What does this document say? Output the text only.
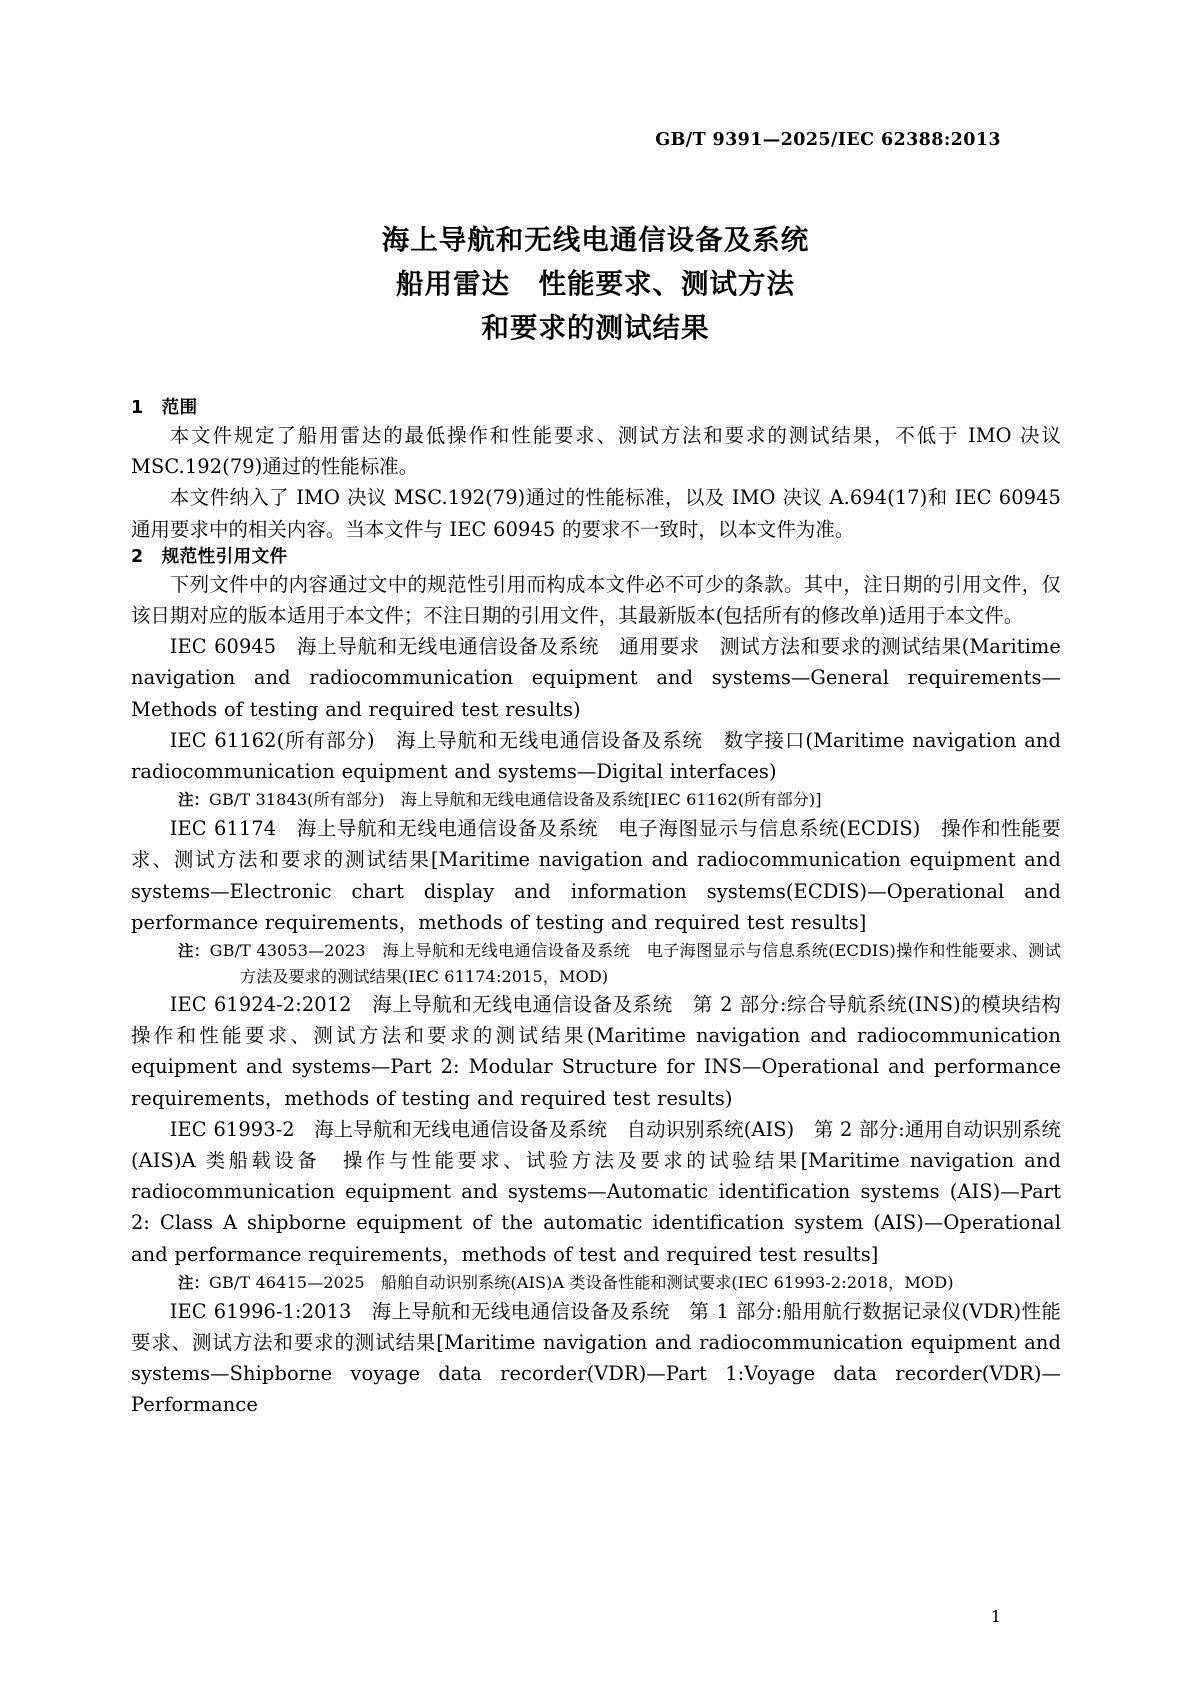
GB/T 9391—2025/IEC 62388:2013
海上导航和无线电通信设备及系统
船用雷达　性能要求、测试方法
和要求的测试结果
1　范围

本文件规定了船用雷达的最低操作和性能要求、测试方法和要求的测试结果，不低于 IMO 决议 MSC.192(79)通过的性能标准。

本文件纳入了 IMO 决议 MSC.192(79)通过的性能标准，以及 IMO 决议 A.694(17)和 IEC 60945 通用要求中的相关内容。当本文件与 IEC 60945 的要求不一致时，以本文件为准。

2　规范性引用文件

下列文件中的内容通过文中的规范性引用而构成本文件必不可少的条款。其中，注日期的引用文件，仅该日期对应的版本适用于本文件；不注日期的引用文件，其最新版本(包括所有的修改单)适用于本文件。

IEC 60945　海上导航和无线电通信设备及系统　通用要求　测试方法和要求的测试结果(Maritime navigation and radiocommunication equipment and systems—General requirements—Methods of testing and required test results)

IEC 61162(所有部分)　海上导航和无线电通信设备及系统　数字接口(Maritime navigation and radiocommunication equipment and systems—Digital interfaces)

注：GB/T 31843(所有部分)　海上导航和无线电通信设备及系统[IEC 61162(所有部分)]

IEC 61174　海上导航和无线电通信设备及系统　电子海图显示与信息系统(ECDIS)　操作和性能要求、测试方法和要求的测试结果[Maritime navigation and radiocommunication equipment and systems—Electronic chart display and information systems(ECDIS)—Operational and performance requirements，methods of testing and required test results]

注：GB/T 43053—2023　海上导航和无线电通信设备及系统　电子海图显示与信息系统(ECDIS)操作和性能要求、测试方法及要求的测试结果(IEC 61174:2015，MOD)

IEC 61924-2:2012　海上导航和无线电通信设备及系统　第 2 部分:综合导航系统(INS)的模块结构　操作和性能要求、测试方法和要求的测试结果(Maritime navigation and radiocommunication equipment and systems—Part 2: Modular Structure for INS—Operational and performance requirements，methods of testing and required test results)

IEC 61993-2　海上导航和无线电通信设备及系统　自动识别系统(AIS)　第 2 部分:通用自动识别系统(AIS)A 类船载设备　操作与性能要求、试验方法及要求的试验结果[Maritime navigation and radiocommunication equipment and systems—Automatic identification systems (AIS)—Part 2: Class A shipborne equipment of the automatic identification system (AIS)—Operational and performance requirements，methods of test and required test results]

注：GB/T 46415—2025　船舶自动识别系统(AIS)A 类设备性能和测试要求(IEC 61993-2:2018，MOD)

IEC 61996-1:2013　海上导航和无线电通信设备及系统　第 1 部分:船用航行数据记录仪(VDR)性能要求、测试方法和要求的测试结果[Maritime navigation and radiocommunication equipment and systems—Shipborne voyage data recorder(VDR)—Part 1:Voyage data recorder(VDR)—Performance

1
